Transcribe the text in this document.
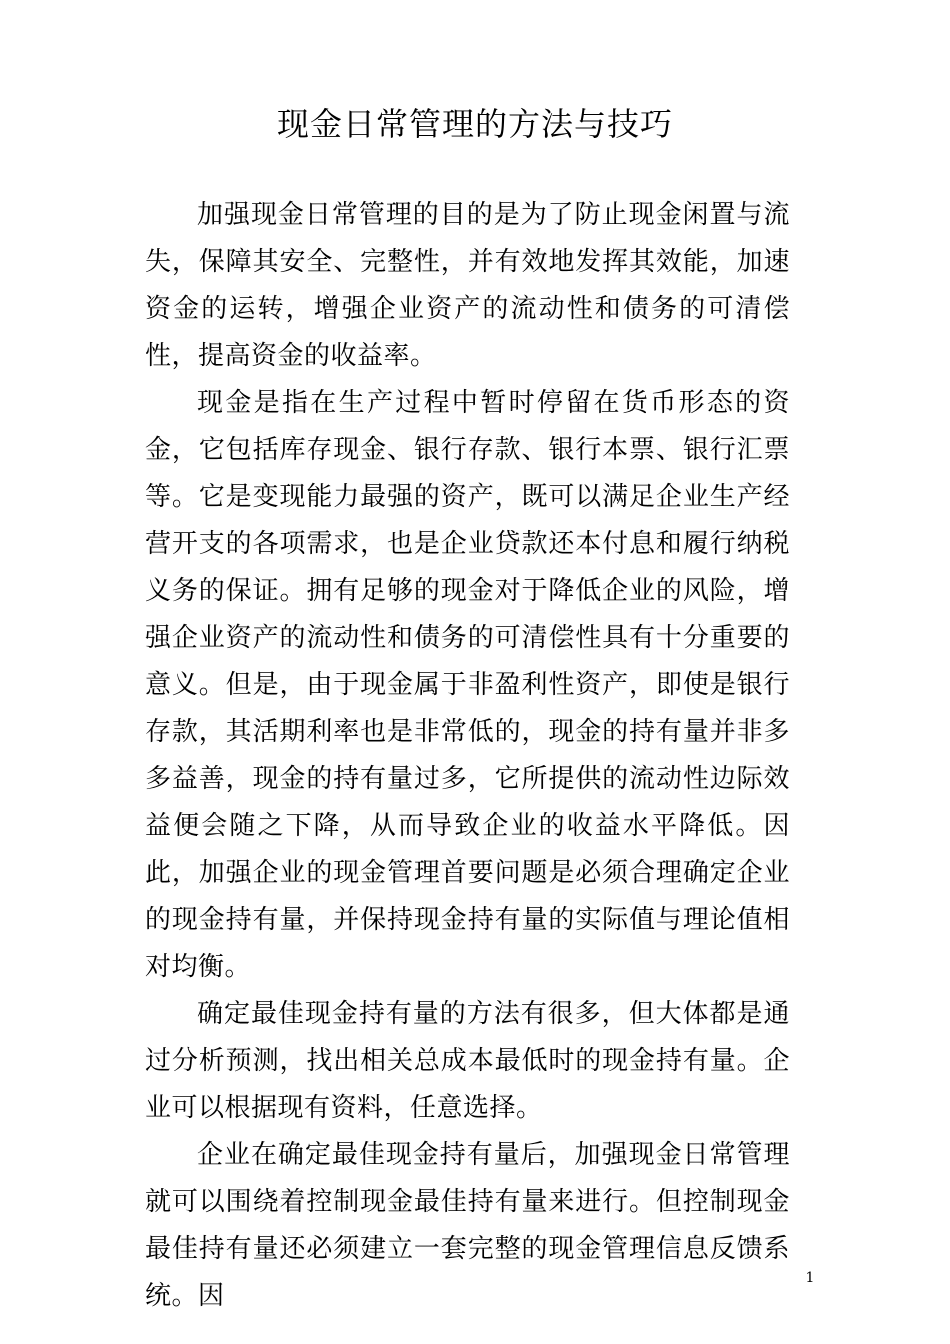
现金日常管理的方法与技巧

加强现金日常管理的目的是为了防止现金闲置与流失，保障其安全、完整性，并有效地发挥其效能，加速资金的运转，增强企业资产的流动性和债务的可清偿性，提高资金的收益率。

现金是指在生产过程中暂时停留在货币形态的资金，它包括库存现金、银行存款、银行本票、银行汇票等。它是变现能力最强的资产，既可以满足企业生产经营开支的各项需求，也是企业贷款还本付息和履行纳税义务的保证。拥有足够的现金对于降低企业的风险，增强企业资产的流动性和债务的可清偿性具有十分重要的意义。但是，由于现金属于非盈利性资产，即使是银行存款，其活期利率也是非常低的，现金的持有量并非多多益善，现金的持有量过多，它所提供的流动性边际效益便会随之下降，从而导致企业的收益水平降低。因此，加强企业的现金管理首要问题是必须合理确定企业的现金持有量，并保持现金持有量的实际值与理论值相对均衡。

确定最佳现金持有量的方法有很多，但大体都是通过分析预测，找出相关总成本最低时的现金持有量。企业可以根据现有资料，任意选择。

企业在确定最佳现金持有量后，加强现金日常管理就可以围绕着控制现金最佳持有量来进行。但控制现金最佳持有量还必须建立一套完整的现金管理信息反馈系统。因

1
